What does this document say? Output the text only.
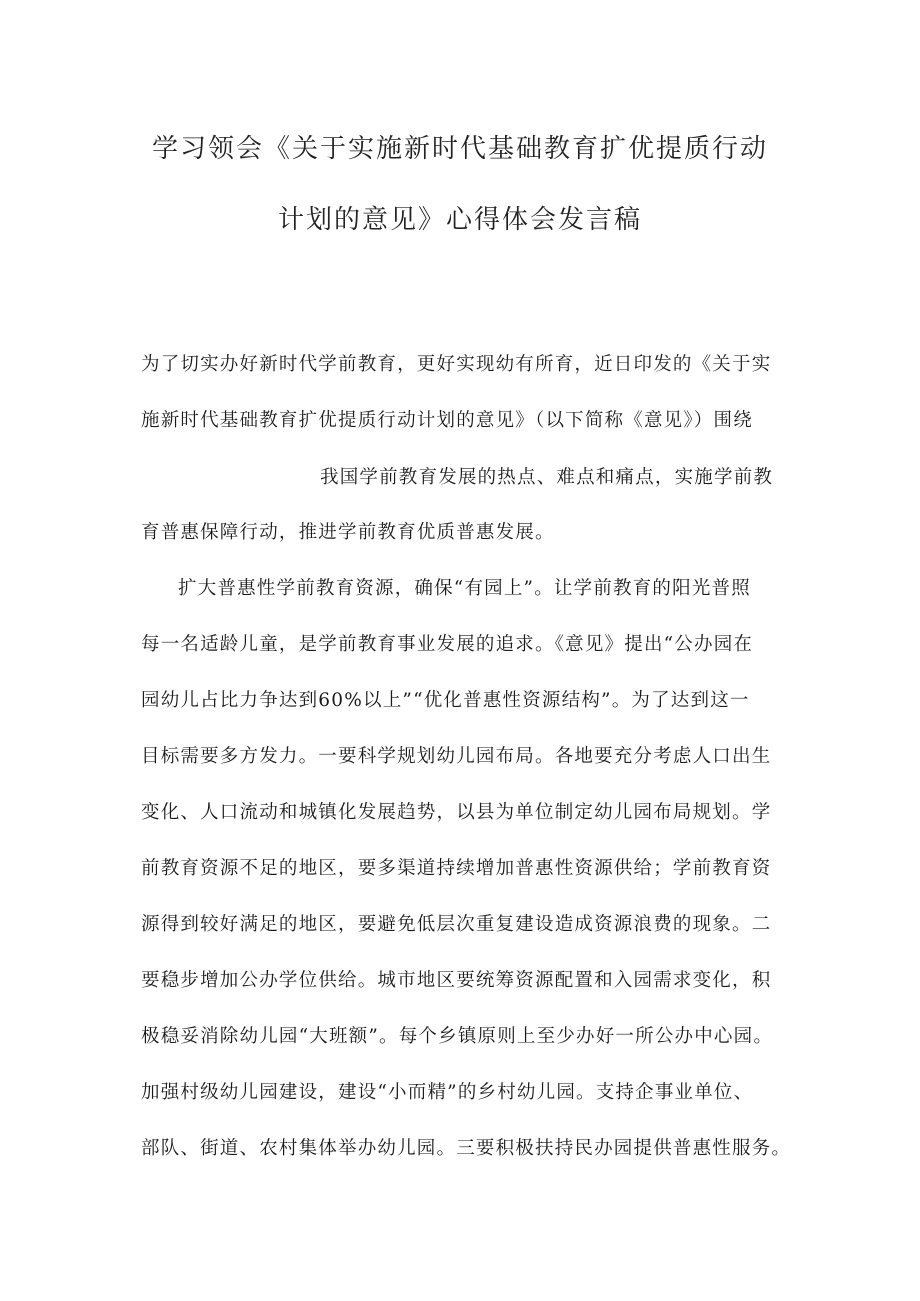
学习领会《关于实施新时代基础教育扩优提质行动
计划的意见》心得体会发言稿
为了切实办好新时代学前教育，更好实现幼有所育，近日印发的《关于实
施新时代基础教育扩优提质行动计划的意见》（以下简称《意见》）围绕
我国学前教育发展的热点、难点和痛点，实施学前教
育普惠保障行动，推进学前教育优质普惠发展。
扩大普惠性学前教育资源，确保“有园上”。让学前教育的阳光普照
每一名适龄儿童，是学前教育事业发展的追求。《意见》提出“公办园在
园幼儿占比力争达到60%以上”“优化普惠性资源结构”。为了达到这一
目标需要多方发力。一要科学规划幼儿园布局。各地要充分考虑人口出生
变化、人口流动和城镇化发展趋势，以县为单位制定幼儿园布局规划。学
前教育资源不足的地区，要多渠道持续增加普惠性资源供给；学前教育资
源得到较好满足的地区，要避免低层次重复建设造成资源浪费的现象。二
要稳步增加公办学位供给。城市地区要统筹资源配置和入园需求变化，积
极稳妥消除幼儿园“大班额”。每个乡镇原则上至少办好一所公办中心园。
加强村级幼儿园建设，建设“小而精”的乡村幼儿园。支持企事业单位、
部队、街道、农村集体举办幼儿园。三要积极扶持民办园提供普惠性服务。
